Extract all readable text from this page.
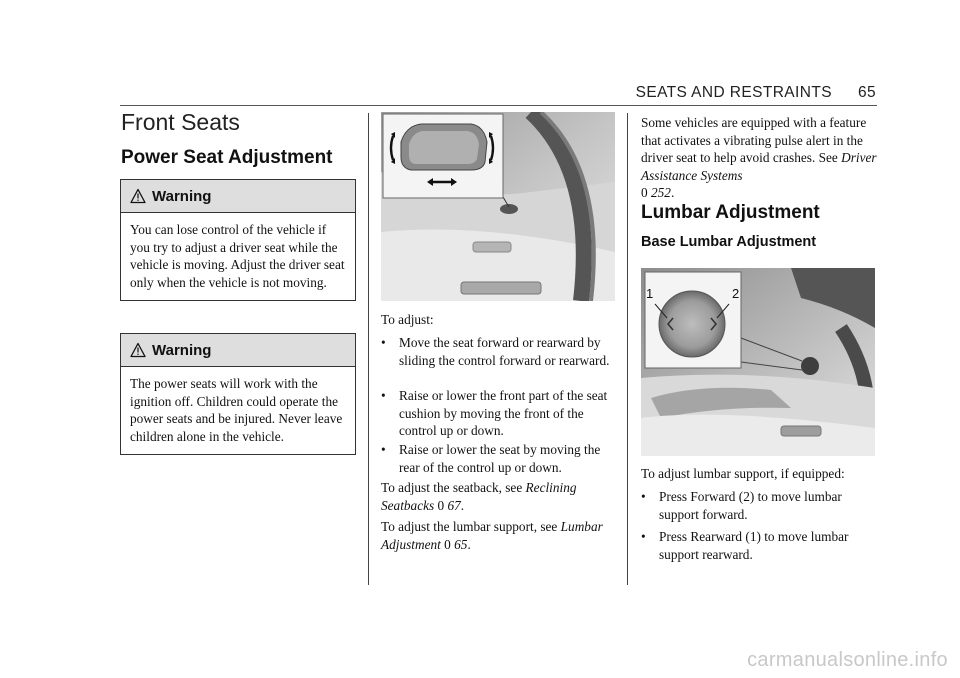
SEATS AND RESTRAINTS 65
Front Seats
Power Seat Adjustment
Warning
You can lose control of the vehicle if you try to adjust a driver seat while the vehicle is moving. Adjust the driver seat only when the vehicle is not moving.
Warning
The power seats will work with the ignition off. Children could operate the power seats and be injured. Never leave children alone in the vehicle.
To adjust:
• Move the seat forward or rearward by sliding the control forward or rearward.
• Raise or lower the front part of the seat cushion by moving the front of the control up or down.
• Raise or lower the seat by moving the rear of the control up or down.
To adjust the seatback, see Reclining Seatbacks 0 67.
To adjust the lumbar support, see Lumbar Adjustment 0 65.
Some vehicles are equipped with a feature that activates a vibrating pulse alert in the driver seat to help avoid crashes. See Driver Assistance Systems
0 252.
Lumbar Adjustment
Base Lumbar Adjustment
1	2
To adjust lumbar support, if equipped:
• Press Forward (2) to move lumbar support forward.
• Press Rearward (1) to move lumbar support rearward.
carmanualsonline.info
